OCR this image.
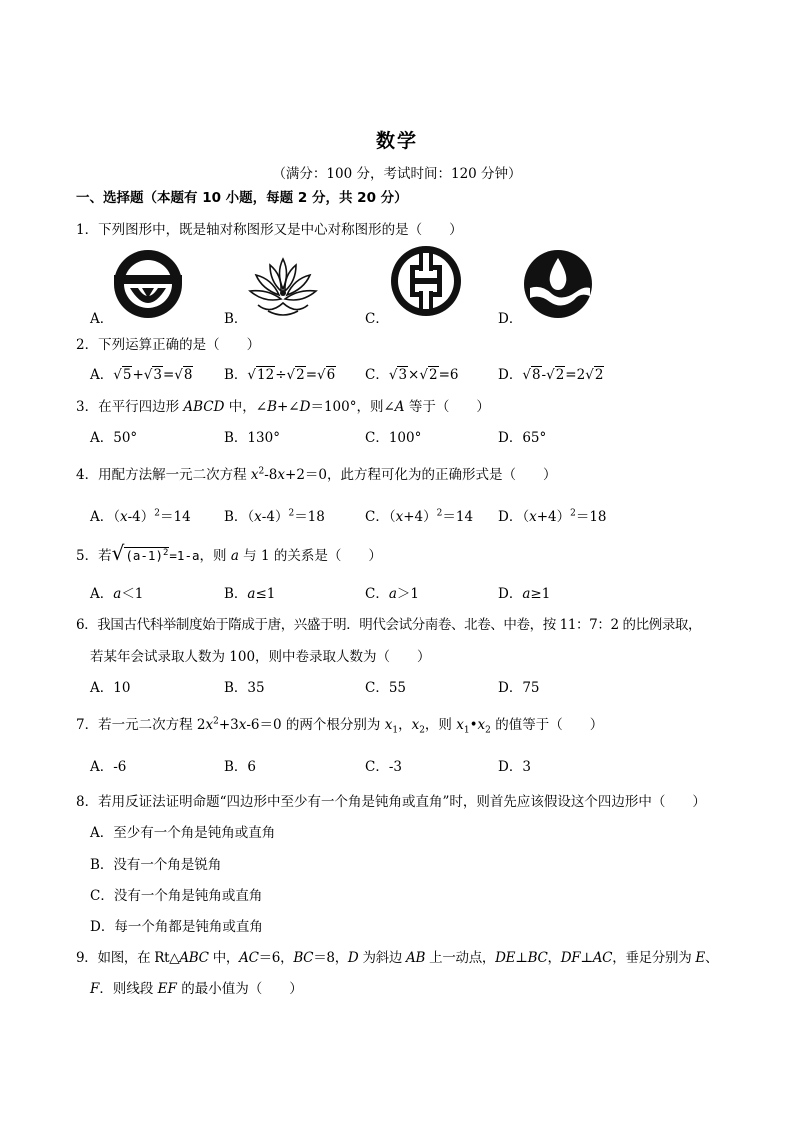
数学
（满分：100 分，考试时间：120 分钟）
一、选择题（本题有 10 小题，每题 2 分，共 20 分）
1．下列图形中，既是轴对称图形又是中心对称图形的是（　　）
A．	B．	C．	D．
2．下列运算正确的是（　　）
A．√5+√3=√8 B．√12÷√2=√6 C．√3×√2=6	D．√8-√2=2√2
3．在平行四边形 ABCD 中，∠B+∠D＝100°，则∠A 等于（　　）
A．50°	B．130°	C．100°	D．65°
4．用配方法解一元二次方程 $x^2-8x+2=0$，此方程可化为的正确形式是（　　）
A．$(x-4)^2=14$ B．$(x-4)^2=18$	C．$(x+4)^2=14$ D．$(x+4)^2=18$
5．若$√(a-1)^2=1-a$，则 a 与 1 的关系是（　　）
A．a＜1	B．a≤1	C．a＞1	D．a≥1
6．我国古代科举制度始于隋成于唐，兴盛于明．明代会试分南卷、北卷、中卷，按 11：7：2 的比例录取，
若某年会试录取人数为 100，则中卷录取人数为（　　）
A．10	B．35	C．55	D．75
7．若一元二次方程 $2x^2+3x-6=0$ 的两个根分别为 $x_1$，$x_2$，则 $x_1•x_2$ 的值等于（　　）
A．-6	B．6	C．-3	D．3
8．若用反证法证明命题“四边形中至少有一个角是钝角或直角”时，则首先应该假设这个四边形中（　　）
A．至少有一个角是钝角或直角
B．没有一个角是锐角
C．没有一个角是钝角或直角
D．每一个角都是钝角或直角
9．如图，在 Rt△ABC 中，AC＝6，BC＝8，D 为斜边 AB 上一动点，DE⊥BC，DF⊥AC，垂足分别为 E、
F．则线段 EF 的最小值为（　　）
